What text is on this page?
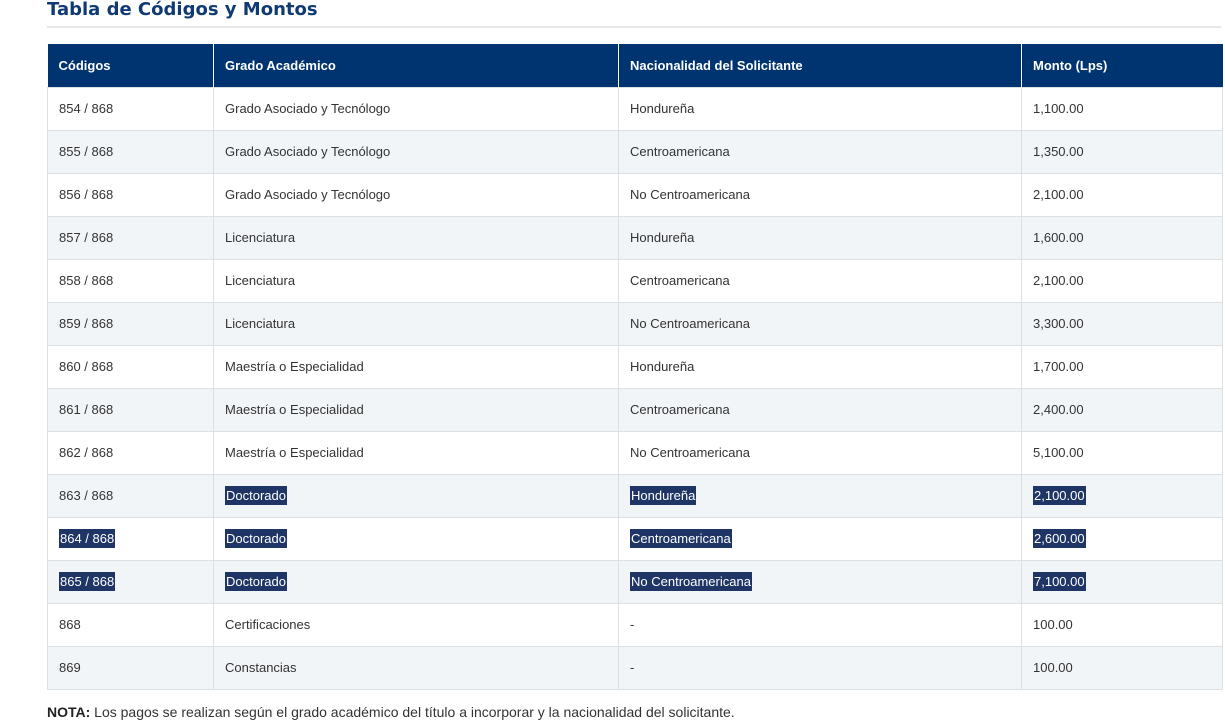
Tabla de Códigos y Montos
Códigos	Grado Académico	Nacionalidad del Solicitante	Monto (Lps)
854 / 868	Grado Asociado y Tecnólogo	Hondureña	1,100.00
855 / 868	Grado Asociado y Tecnólogo	Centroamericana	1,350.00
856 / 868	Grado Asociado y Tecnólogo	No Centroamericana	2,100.00
857 / 868	Licenciatura	Hondureña	1,600.00
858 / 868	Licenciatura	Centroamericana	2,100.00
859 / 868	Licenciatura	No Centroamericana	3,300.00
860 / 868	Maestría o Especialidad	Hondureña	1,700.00
861 / 868	Maestría o Especialidad	Centroamericana	2,400.00
862 / 868	Maestría o Especialidad	No Centroamericana	5,100.00
863 / 868	Doctorado	Hondureña	2,100.00
864 / 868	Doctorado	Centroamericana	2,600.00
865 / 868	Doctorado	No Centroamericana	7,100.00
868	Certificaciones	-	100.00
869	Constancias	-	100.00
NOTA: Los pagos se realizan según el grado académico del título a incorporar y la nacionalidad del solicitante.
